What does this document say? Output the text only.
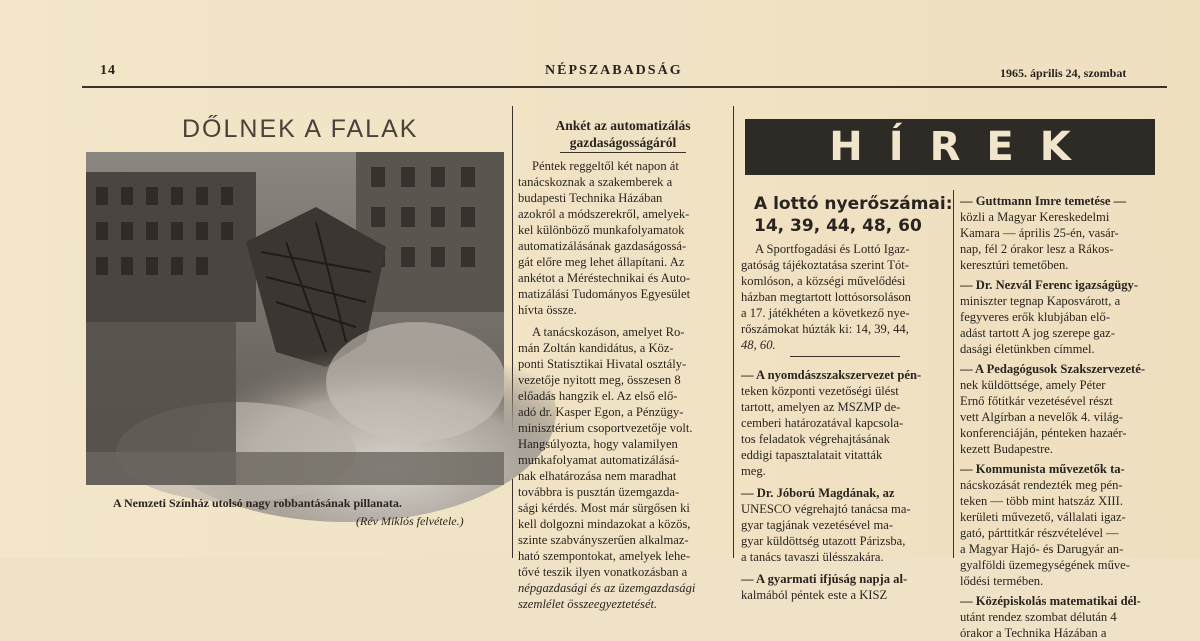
14	NÉPSZABADSÁG	1965. április 24, szombat
DŐLNEK A FALAK
A Nemzeti Színház utolsó nagy robbantásának pillanata.
(Rév Miklós felvétele.)
Ankét az automatizálás
gazdaságosságáról

Péntek reggeltől két napon át

tanácskoznak a szakemberek a

budapesti Technika Házában

azokról a módszerekről, amelyek-

kel különböző munkafolyamatok

automatizálásának gazdaságossá-

gát előre meg lehet állapítani. Az

ankétot a Méréstechnikai és Auto-

matizálási Tudományos Egyesület

hívta össze.

A tanácskozáson, amelyet Ro-

mán Zoltán kandidátus, a Köz-

ponti Statisztikai Hivatal osztály-

vezetője nyitott meg, összesen 8

előadás hangzik el. Az első elő-

adó dr. Kasper Egon, a Pénzügy-

minisztérium csoportvezetője volt.

Hangsúlyozta, hogy valamilyen

munkafolyamat automatizálásá-

nak elhatározása nem maradhat

továbbra is pusztán üzemgazda-

sági kérdés. Most már sürgősen ki

kell dolgozni mindazokat a közös,

szinte szabványszerűen alkalmaz-

ható szempontokat, amelyek lehe-

tővé teszik ilyen vonatkozásban a

népgazdasági és az üzemgazdasági

szemlélet összeegyeztetését.

HÍREK
A lottó nyerőszámai:
14, 39, 44, 48, 60

A Sportfogadási és Lottó Igaz-

gatóság tájékoztatása szerint Tót-

komlóson, a községi művelődési

házban megtartott lottósorsoláson

a 17. játékhéten a következő nye-

rőszámokat húzták ki: 14, 39, 44,

48, 60.

— A nyomdászszakszervezet pén-

teken központi vezetőségi ülést

tartott, amelyen az MSZMP de-

cemberi határozatával kapcsola-

tos feladatok végrehajtásának

eddigi tapasztalatait vitatták

meg.

— Dr. Jóború Magdának, az

UNESCO végrehajtó tanácsa ma-

gyar tagjának vezetésével ma-

gyar küldöttség utazott Párizsba,

a tanács tavaszi ülésszakára.

— A gyarmati ifjúság napja al-

kalmából péntek este a KISZ

— Guttmann Imre temetése —

közli a Magyar Kereskedelmi

Kamara — április 25-én, vasár-

nap, fél 2 órakor lesz a Rákos-

keresztúri temetőben.

— Dr. Nezvál Ferenc igazságügy-

miniszter tegnap Kaposvárott, a

fegyveres erők klubjában elő-

adást tartott A jog szerepe gaz-

dasági életünkben címmel.

— A Pedagógusok Szakszervezeté-

nek küldöttsége, amely Péter

Ernő főtitkár vezetésével részt

vett Algírban a nevelők 4. világ-

konferenciáján, pénteken hazaér-

kezett Budapestre.

— Kommunista művezetők ta-

nácskozását rendezték meg pén-

teken — több mint hatszáz XIII.

kerületi művezető, vállalati igaz-

gató, párttitkár részvételével —

a Magyar Hajó- és Darugyár an-

gyalföldi üzemegységének műve-

lődési termében.

— Középiskolás matematikai dél-

utánt rendez szombat délután 4

órakor a Technika Házában a
